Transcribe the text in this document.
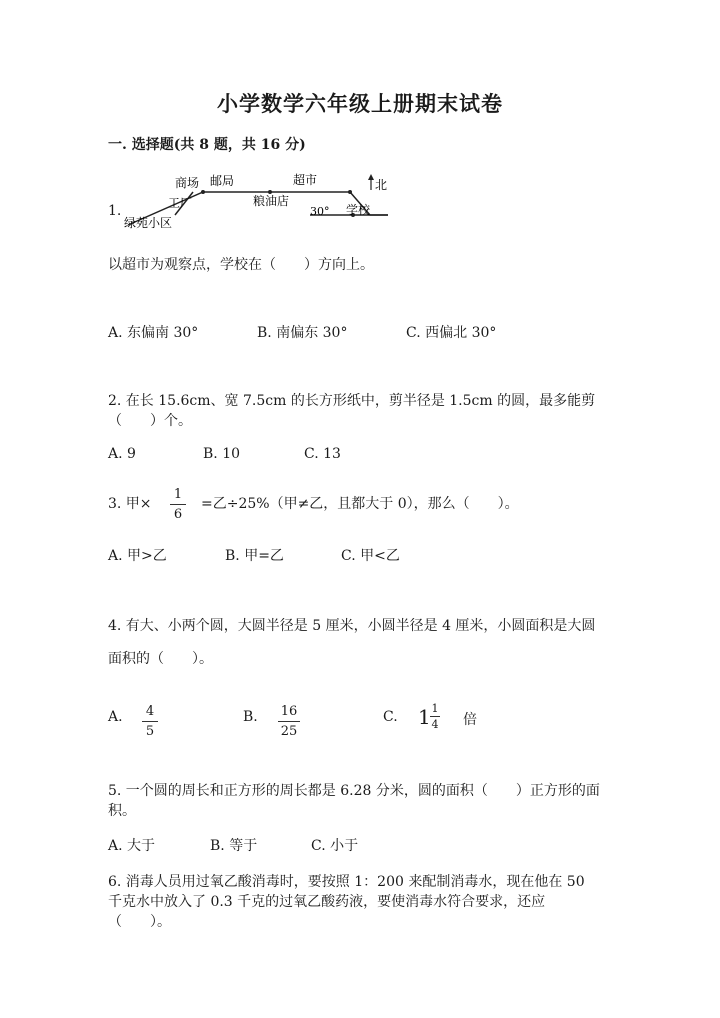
小学数学六年级上册期末试卷
一. 选择题(共 8 题，共 16 分)
1.
商场 邮局	超市
工厂	粮油店
绿苑小区
学校
30°
北
以超市为观察点，学校在（　　）方向上。
A. 东偏南 30°	B. 南偏东 30°	C. 西偏北 30°
2. 在长 15.6cm、宽 7.5cm 的长方形纸中，剪半径是 1.5cm 的圆，最多能剪
（　　）个。
A. 9	B. 10	C. 13
3. 甲×
1
6
=乙÷25%（甲≠乙，且都大于 0），那么（　　）。
A. 甲>乙	B. 甲=乙	C. 甲<乙
4. 有大、小两个圆，大圆半径是 5 厘米，小圆半径是 4 厘米，小圆面积是大圆
面积的（　　）。
A. 4
5
B. 16
25
C. 1 1
4 倍
5. 一个圆的周长和正方形的周长都是 6.28 分米，圆的面积（　　）正方形的面
积。
A. 大于	B. 等于	C. 小于
6. 消毒人员用过氧乙酸消毒时，要按照 1：200 来配制消毒水，现在他在 50
千克水中放入了 0.3 千克的过氧乙酸药液，要使消毒水符合要求，还应
（　　）。
